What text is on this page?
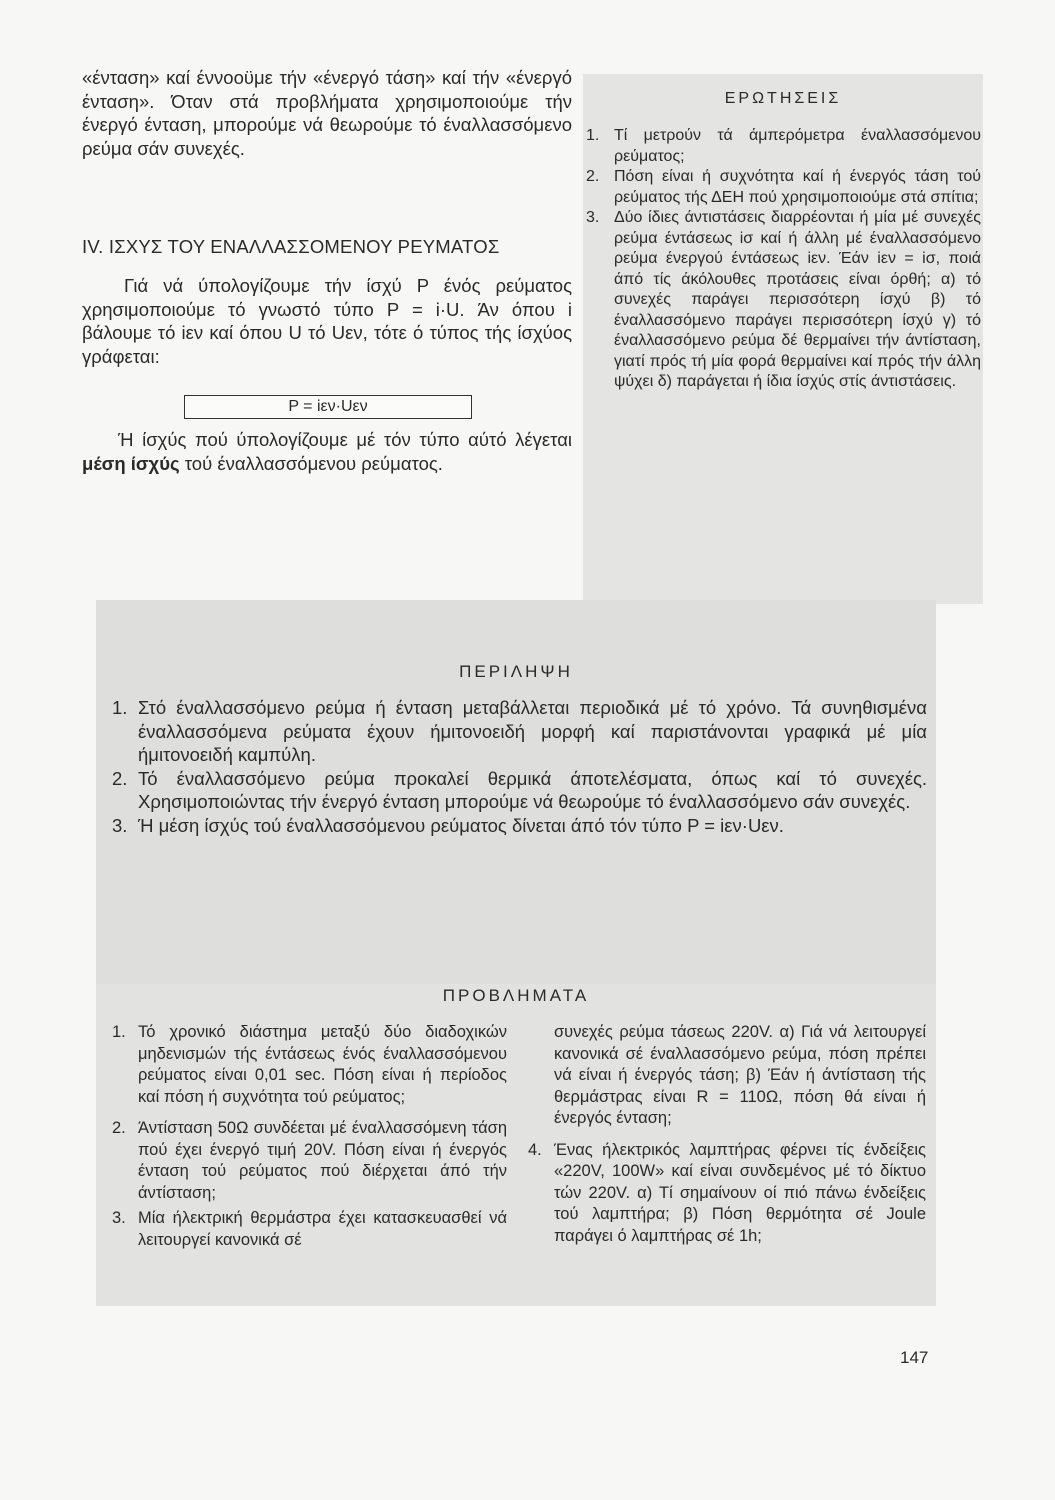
«ένταση» καί έννοοϋμε τήν «ένεργό τάση» καί τήν «ένεργό ένταση». Όταν στά προβλήματα χρησιμοποιούμε τήν ένεργό ένταση, μπορούμε νά θεωρούμε τό έναλλασσόμενο ρεύμα σάν συνεχές.

IV. ΙΣΧΥΣ ΤΟΥ ΕΝΑΛΛΑΣΣΟΜΕΝΟΥ ΡΕΥΜΑΤΟΣ

Γιά νά ύπολογίζουμε τήν ίσχύ P ένός ρεύματος χρησιμοποιούμε τό γνωστό τύπο P = i·U. Άν όπου i βάλουμε τό iεν καί όπου U τό Uεν, τότε ό τύπος τής ίσχύος γράφεται:

P = iεν·Uεν

Ή ίσχύς πού ύπολογίζουμε μέ τόν τύπο αύτό λέγεται μέση ίσχύς τού έναλλασσόμενου ρεύματος.

ΕΡΩΤΗΣΕΙΣ
1. Τί μετρούν τά άμπερόμετρα έναλλασσόμενου ρεύματος;
2. Πόση είναι ή συχνότητα καί ή ένεργός τάση τού ρεύματος τής ΔΕΗ πού χρησιμοποιούμε στά σπίτια;
3. Δύο ίδιες άντιστάσεις διαρρέονται ή μία μέ συνεχές ρεύμα έντάσεως iσ καί ή άλλη μέ έναλλασσόμενο ρεύμα ένεργού έντάσεως iεν. Έάν iεν = iσ, ποιά άπό τίς άκόλουθες προτάσεις είναι όρθή; α) τό συνεχές παράγει περισσότερη ίσχύ β) τό έναλλασσόμενο παράγει περισσότερη ίσχύ γ) τό έναλλασσόμενο ρεύμα δέ θερμαίνει τήν άντίσταση, γιατί πρός τή μία φορά θερμαίνει καί πρός τήν άλλη ψύχει δ) παράγεται ή ίδια ίσχύς στίς άντιστάσεις.
ΠΕΡΙΛΗΨΗ
1. Στό έναλλασσόμενο ρεύμα ή ένταση μεταβάλλεται περιοδικά μέ τό χρόνο. Τά συνηθισμένα έναλλασσόμενα ρεύματα έχουν ήμιτονοειδή μορφή καί παριστάνονται γραφικά μέ μία ήμιτονοειδή καμπύλη.
2. Τό έναλλασσόμενο ρεύμα προκαλεί θερμικά άποτελέσματα, όπως καί τό συνεχές. Χρησιμοποιώντας τήν ένεργό ένταση μπορούμε νά θεωρούμε τό έναλλασσόμενο σάν συνεχές.
3. Ή μέση ίσχύς τού έναλλασσόμενου ρεύματος δίνεται άπό τόν τύπο P = iεν·Uεν.
ΠΡΟΒΛΗΜΑΤΑ
1. Τό χρονικό διάστημα μεταξύ δύο διαδοχικών μηδενισμών τής έντάσεως ένός έναλλασσόμενου ρεύματος είναι 0,01 sec. Πόση είναι ή περίοδος καί πόση ή συχνότητα τού ρεύματος;
2. Άντίσταση 50Ω συνδέεται μέ έναλλασσόμενη τάση πού έχει ένεργό τιμή 20V. Πόση είναι ή ένεργός ένταση τού ρεύματος πού διέρχεται άπό τήν άντίσταση;
3. Μία ήλεκτρική θερμάστρα έχει κατασκευασθεί νά λειτουργεί κανονικά σέ
συνεχές ρεύμα τάσεως 220V. α) Γιά νά λειτουργεί κανονικά σέ έναλλασσόμενο ρεύμα, πόση πρέπει νά είναι ή ένεργός τάση; β) Έάν ή άντίσταση τής θερμάστρας είναι R = 110Ω, πόση θά είναι ή ένεργός ένταση;
4. Ένας ήλεκτρικός λαμπτήρας φέρνει τίς ένδείξεις «220V, 100W» καί είναι συνδεμένος μέ τό δίκτυο τών 220V. α) Τί σημαίνουν οί πιό πάνω ένδείξεις τού λαμπτήρα; β) Πόση θερμότητα σέ Joule παράγει ό λαμπτήρας σέ 1h;
147
